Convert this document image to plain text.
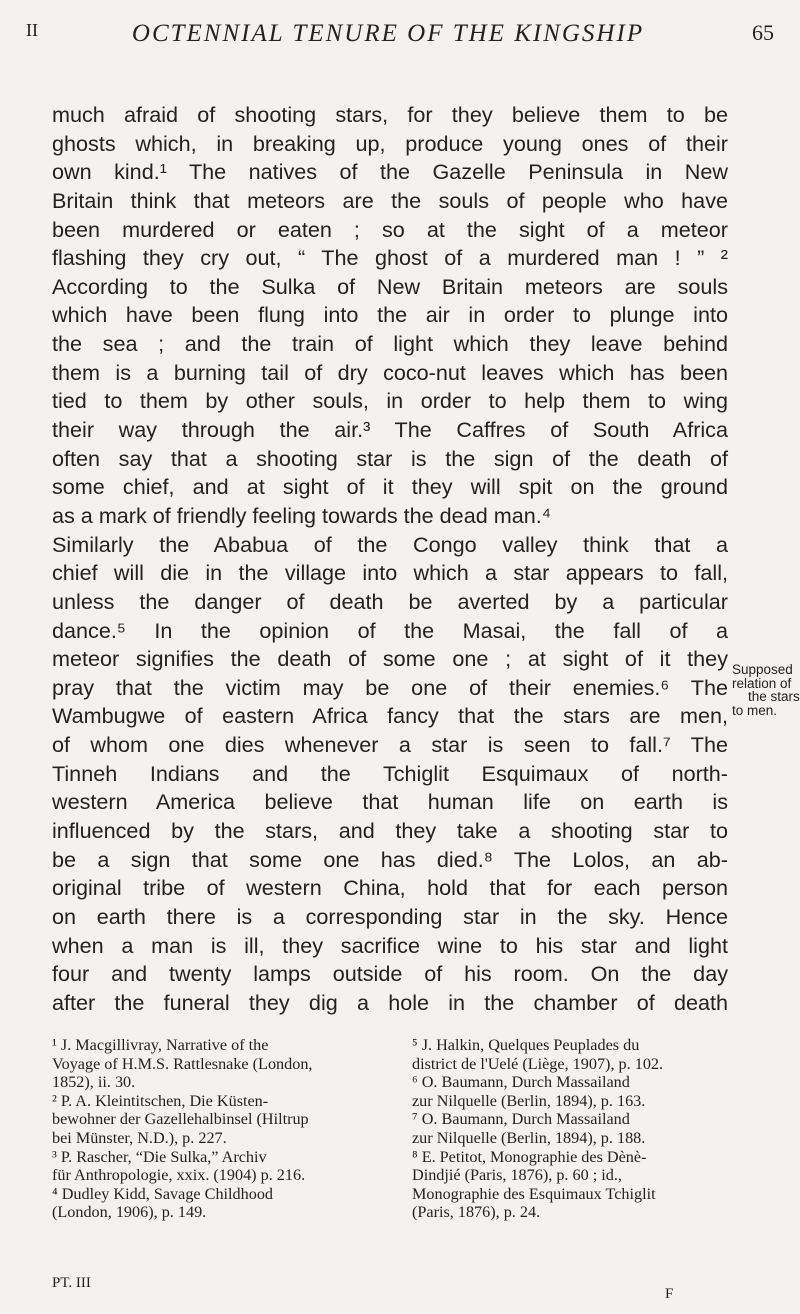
II	OCTENNIAL TENURE OF THE KINGSHIP	65
much afraid of shooting stars, for they believe them to be
ghosts which, in breaking up, produce young ones of their
own kind.¹ The natives of the Gazelle Peninsula in New
Britain think that meteors are the souls of people who have
been murdered or eaten ; so at the sight of a meteor
flashing they cry out, “ The ghost of a murdered man ! ” ²
According to the Sulka of New Britain meteors are souls
which have been flung into the air in order to plunge into
the sea ; and the train of light which they leave behind
them is a burning tail of dry coco-nut leaves which has been
tied to them by other souls, in order to help them to wing
their way through the air.³ The Caffres of South Africa
often say that a shooting star is the sign of the death of
some chief, and at sight of it they will spit on the ground
as a mark of friendly feeling towards the dead man.⁴
Similarly the Ababua of the Congo valley think that a
chief will die in the village into which a star appears to fall,
unless the danger of death be averted by a particular
dance.⁵ In the opinion of the Masai, the fall of a
meteor signifies the death of some one ; at sight of it they
pray that the victim may be one of their enemies.⁶ The
Wambugwe of eastern Africa fancy that the stars are men,
of whom one dies whenever a star is seen to fall.⁷ The
Tinneh Indians and the Tchiglit Esquimaux of north-
western America believe that human life on earth is
influenced by the stars, and they take a shooting star to
be a sign that some one has died.⁸ The Lolos, an ab-
original tribe of western China, hold that for each person
on earth there is a corresponding star in the sky. Hence
when a man is ill, they sacrifice wine to his star and light
four and twenty lamps outside of his room. On the day
after the funeral they dig a hole in the chamber of death
Supposed
relation of
the stars
to men.
¹ J. Macgillivray, Narrative of the
Voyage of H.M.S. Rattlesnake (London,
1852), ii. 30.
² P. A. Kleintitschen, Die Küsten-
bewohner der Gazellehalbinsel (Hiltrup
bei Münster, N.D.), p. 227.
³ P. Rascher, “Die Sulka,” Archiv
für Anthropologie, xxix. (1904) p. 216.
⁴ Dudley Kidd, Savage Childhood
(London, 1906), p. 149.
⁵ J. Halkin, Quelques Peuplades du
district de l'Uelé (Liège, 1907), p. 102.
⁶ O. Baumann, Durch Massailand
zur Nilquelle (Berlin, 1894), p. 163.
⁷ O. Baumann, Durch Massailand
zur Nilquelle (Berlin, 1894), p. 188.
⁸ E. Petitot, Monographie des Dènè-
Dindjié (Paris, 1876), p. 60 ; id.,
Monographie des Esquimaux Tchiglit
(Paris, 1876), p. 24.
PT. III
F
